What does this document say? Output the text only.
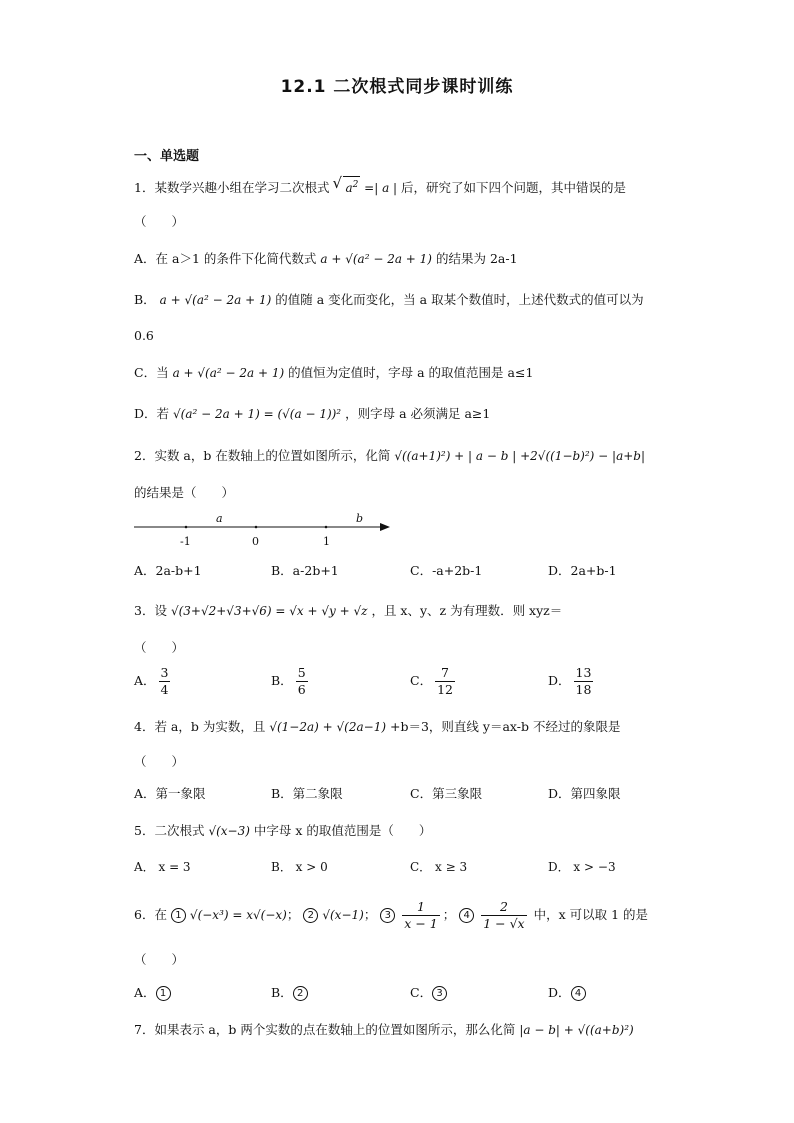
12.1 二次根式同步课时训练
一、单选题
1．某数学兴趣小组在学习二次根式 √ $a^2$ =| a | 后，研究了如下四个问题，其中错误的是
（　　）
A．在 a＞1 的条件下化简代数式 a + √(a² − 2a + 1) 的结果为 2a-1
B． a + √(a² − 2a + 1) 的值随 a 变化而变化，当 a 取某个数值时，上述代数式的值可以为
0.6
C．当 a + √(a² − 2a + 1) 的值恒为定值时，字母 a 的取值范围是 a≤1
D．若 √(a² − 2a + 1) = (√(a − 1))² ，则字母 a 必须满足 a≥1
2．实数 a，b 在数轴上的位置如图所示，化简 √((a+1)²) + | a − b | +2√((1−b)²) − |a+b|
的结果是（　　）
a	b
-1	0	1
A．2a-b+1	B．a-2b+1	C．-a+2b-1	D．2a+b-1
3．设 √(3+√2+√3+√6) = √x + √y + √z ，且 x、y、z 为有理数．则 xyz＝
（　　）
A． $\frac{3}{4}$	B． $\frac{5}{6}$	C． $\frac{7}{12}$	D． $\frac{13}{18}$
4．若 a，b 为实数，且 √(1−2a) + √(2a−1) +b＝3，则直线 y＝ax-b 不经过的象限是
（　　）
A．第一象限	B．第二象限	C．第三象限	D．第四象限
5．二次根式 √(x−3) 中字母 x 的取值范围是（　　）
A． x = 3	B． x > 0	C． x ≥ 3	D． x > −3
6．在 1 √(−x³) = x√(−x)； 2 √(x−1)； $3 \frac{1}{x - 1}$ ； $4 \frac{2}{1 - √x}$ 中，x 可以取 1 的是
（　　）
A． 1	B． 2	C． 3	D． 4
7．如果表示 a，b 两个实数的点在数轴上的位置如图所示，那么化简 |a − b| + √((a+b)²)
